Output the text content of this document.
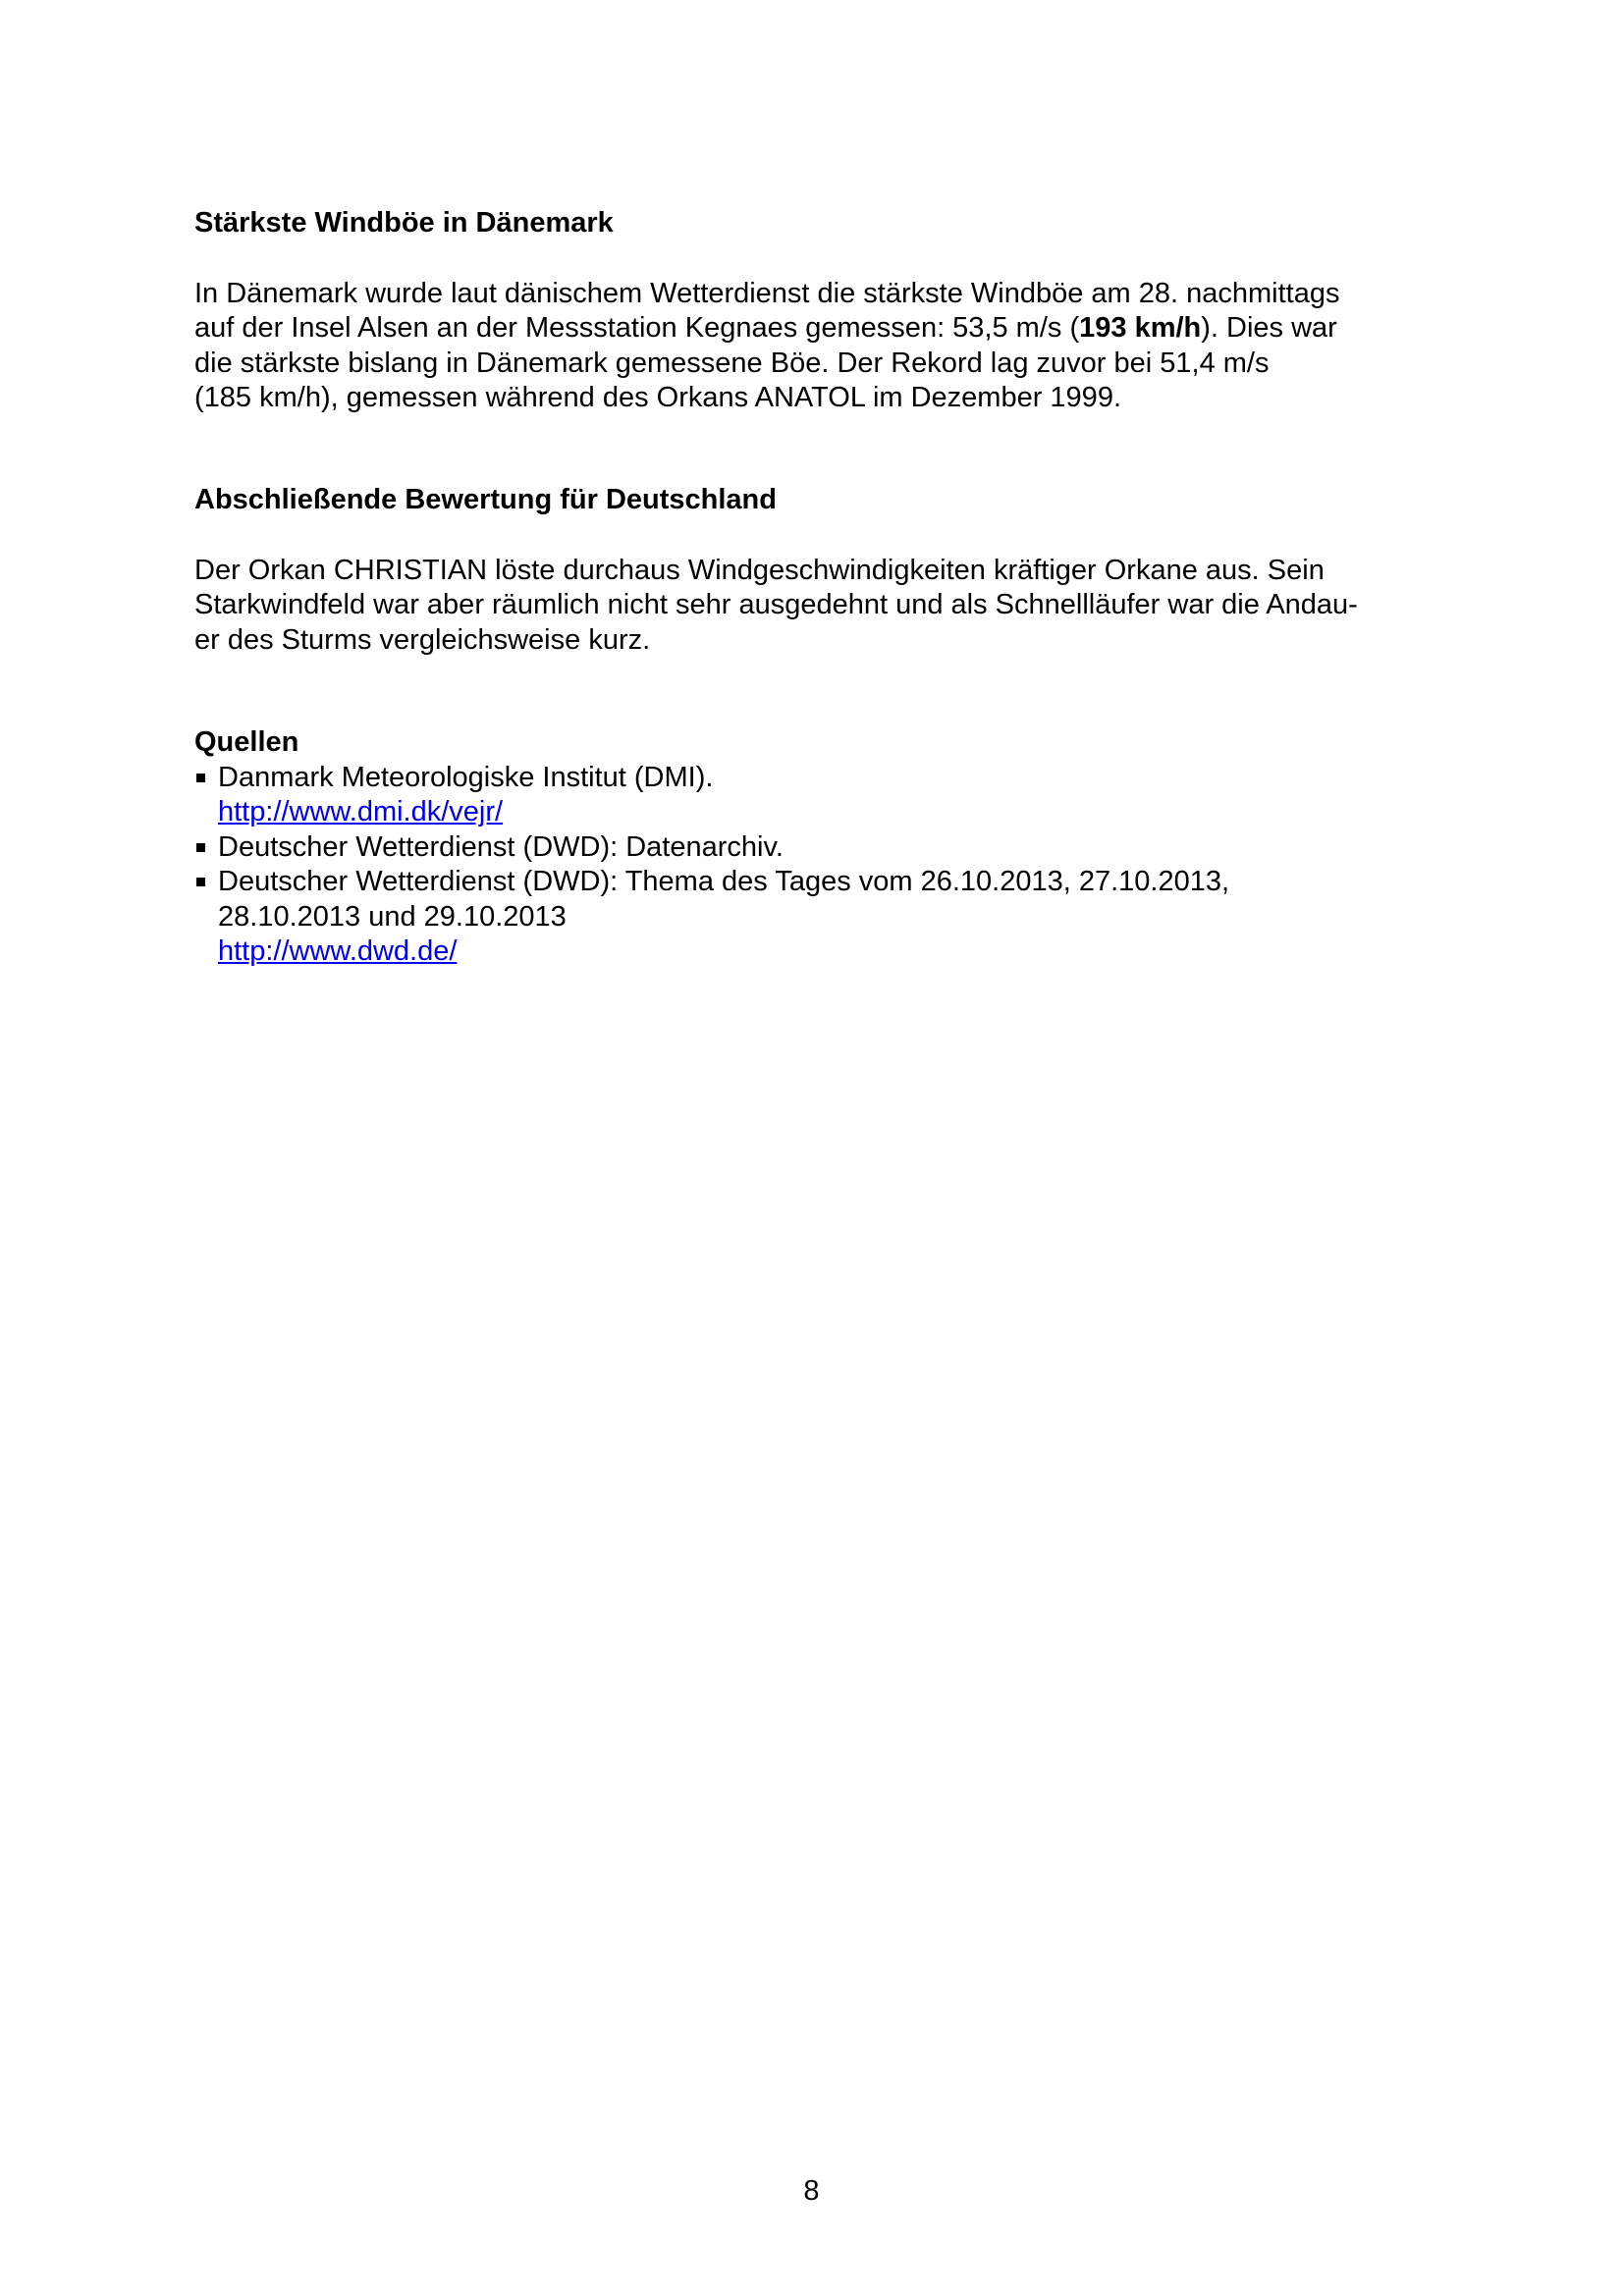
Stärkste Windböe in Dänemark

In Dänemark wurde laut dänischem Wetterdienst die stärkste Windböe am 28. nachmittags

auf der Insel Alsen an der Messstation Kegnaes gemessen: 53,5 m/s (193 km/h). Dies war

die stärkste bislang in Dänemark gemessene Böe. Der Rekord lag zuvor bei 51,4 m/s

(185 km/h), gemessen während des Orkans ANATOL im Dezember 1999.

Abschließende Bewertung für Deutschland

Der Orkan CHRISTIAN löste durchaus Windgeschwindigkeiten kräftiger Orkane aus. Sein

Starkwindfeld war aber räumlich nicht sehr ausgedehnt und als Schnellläufer war die Andau-

er des Sturms vergleichsweise kurz.

Quellen

Danmark Meteorologiske Institut (DMI).
http://www.dmi.dk/vejr/
Deutscher Wetterdienst (DWD): Datenarchiv.
Deutscher Wetterdienst (DWD): Thema des Tages vom 26.10.2013, 27.10.2013,
28.10.2013 und 29.10.2013
http://www.dwd.de/
8
